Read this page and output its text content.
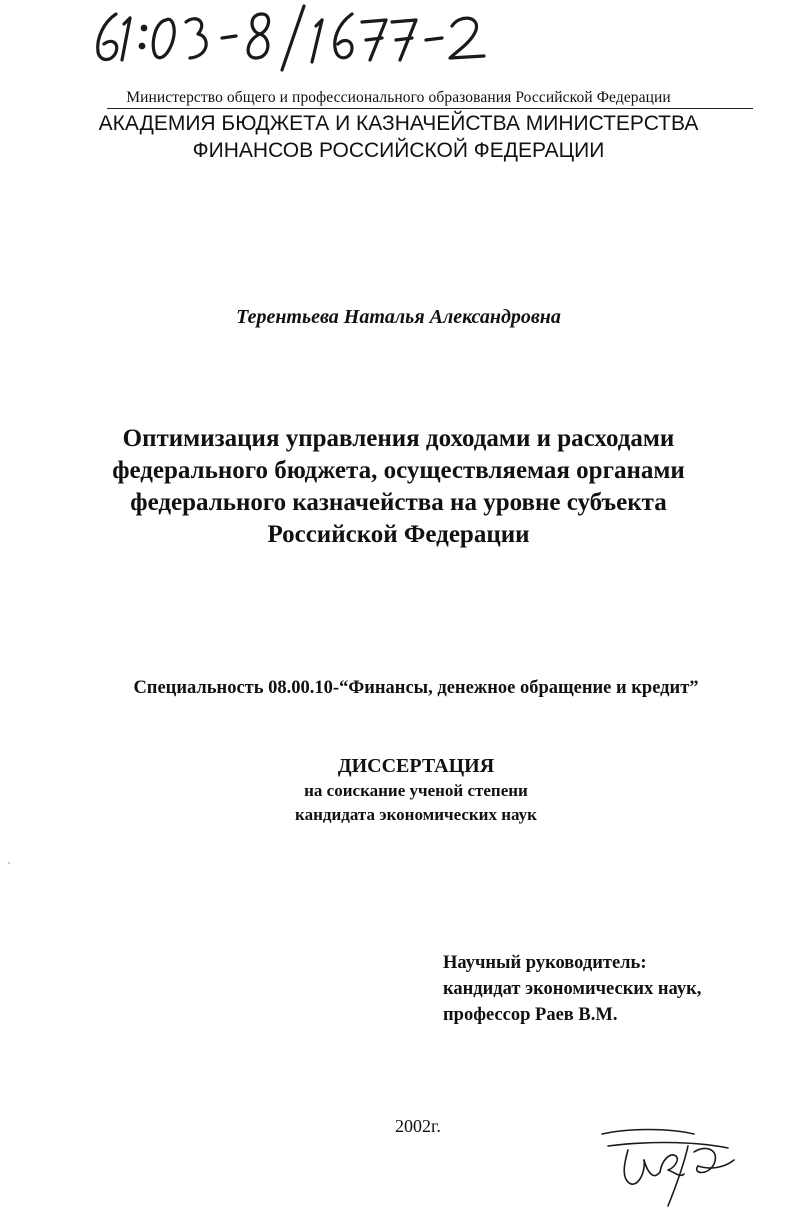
Министерство общего и профессионального образования Российской Федерации
АКАДЕМИЯ БЮДЖЕТА И КАЗНАЧЕЙСТВА МИНИСТЕРСТВА
ФИНАНСОВ РОССИЙСКОЙ ФЕДЕРАЦИИ
Терентьева Наталья Александровна
Оптимизация управления доходами и расходами
федерального бюджета, осуществляемая органами
федерального казначейства на уровне субъекта
Российской Федерации
Специальность 08.00.10-“Финансы, денежное обращение и кредит”
ДИССЕРТАЦИЯ
на соискание ученой степени
кандидата экономических наук
Научный руководитель:
кандидат экономических наук,
профессор Раев В.М.
2002г.
